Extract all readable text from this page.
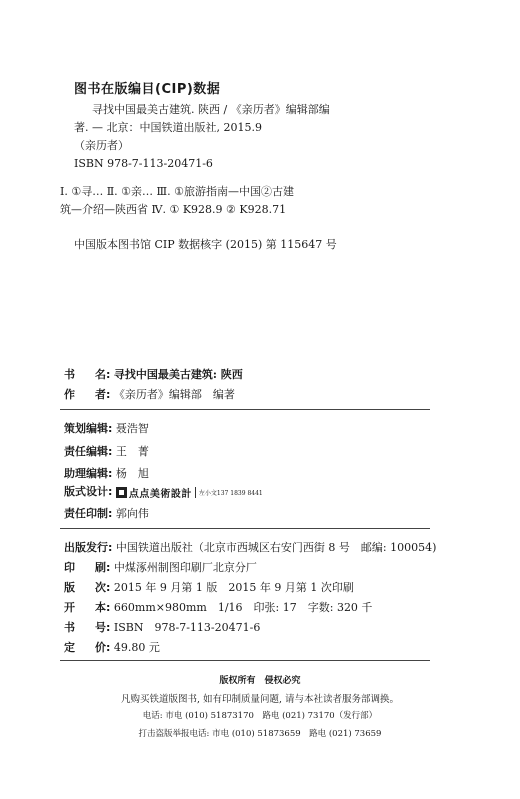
图书在版编目(CIP)数据
寻找中国最美古建筑. 陕西 / 《亲历者》编辑部编
著. — 北京：中国铁道出版社, 2015.9
（亲历者）
ISBN 978-7-113-20471-6
Ⅰ. ①寻… Ⅱ. ①亲… Ⅲ. ①旅游指南—中国②古建
筑—介绍—陕西省 Ⅳ. ① K928.9 ② K928.71
中国版本图书馆 CIP 数据核字 (2015) 第 115647 号
书 名: 寻找中国最美古建筑: 陕西
作 者: 《亲历者》编辑部　编著
策划编辑: 聂浩智
责任编辑: 王　菁
助理编辑: 杨　旭
版式设计: 点点美術設計 左小文137 1839 8441
责任印制: 郭向伟
出版发行: 中国铁道出版社（北京市西城区右安门西街 8 号　邮编: 100054)
印 刷: 中煤涿州制图印刷厂北京分厂
版 次: 2015 年 9 月第 1 版　2015 年 9 月第 1 次印刷
开 本: 660mm×980mm　1/16　印张: 17　字数: 320 千
书 号: ISBN　978-7-113-20471-6
定 价: 49.80 元
版权所有　侵权必究
凡购买铁道版图书, 如有印制质量问题, 请与本社读者服务部调换。
电话: 市电 (010) 51873170　路电 (021) 73170（发行部）
打击盗版举报电话: 市电 (010) 51873659　路电 (021) 73659
